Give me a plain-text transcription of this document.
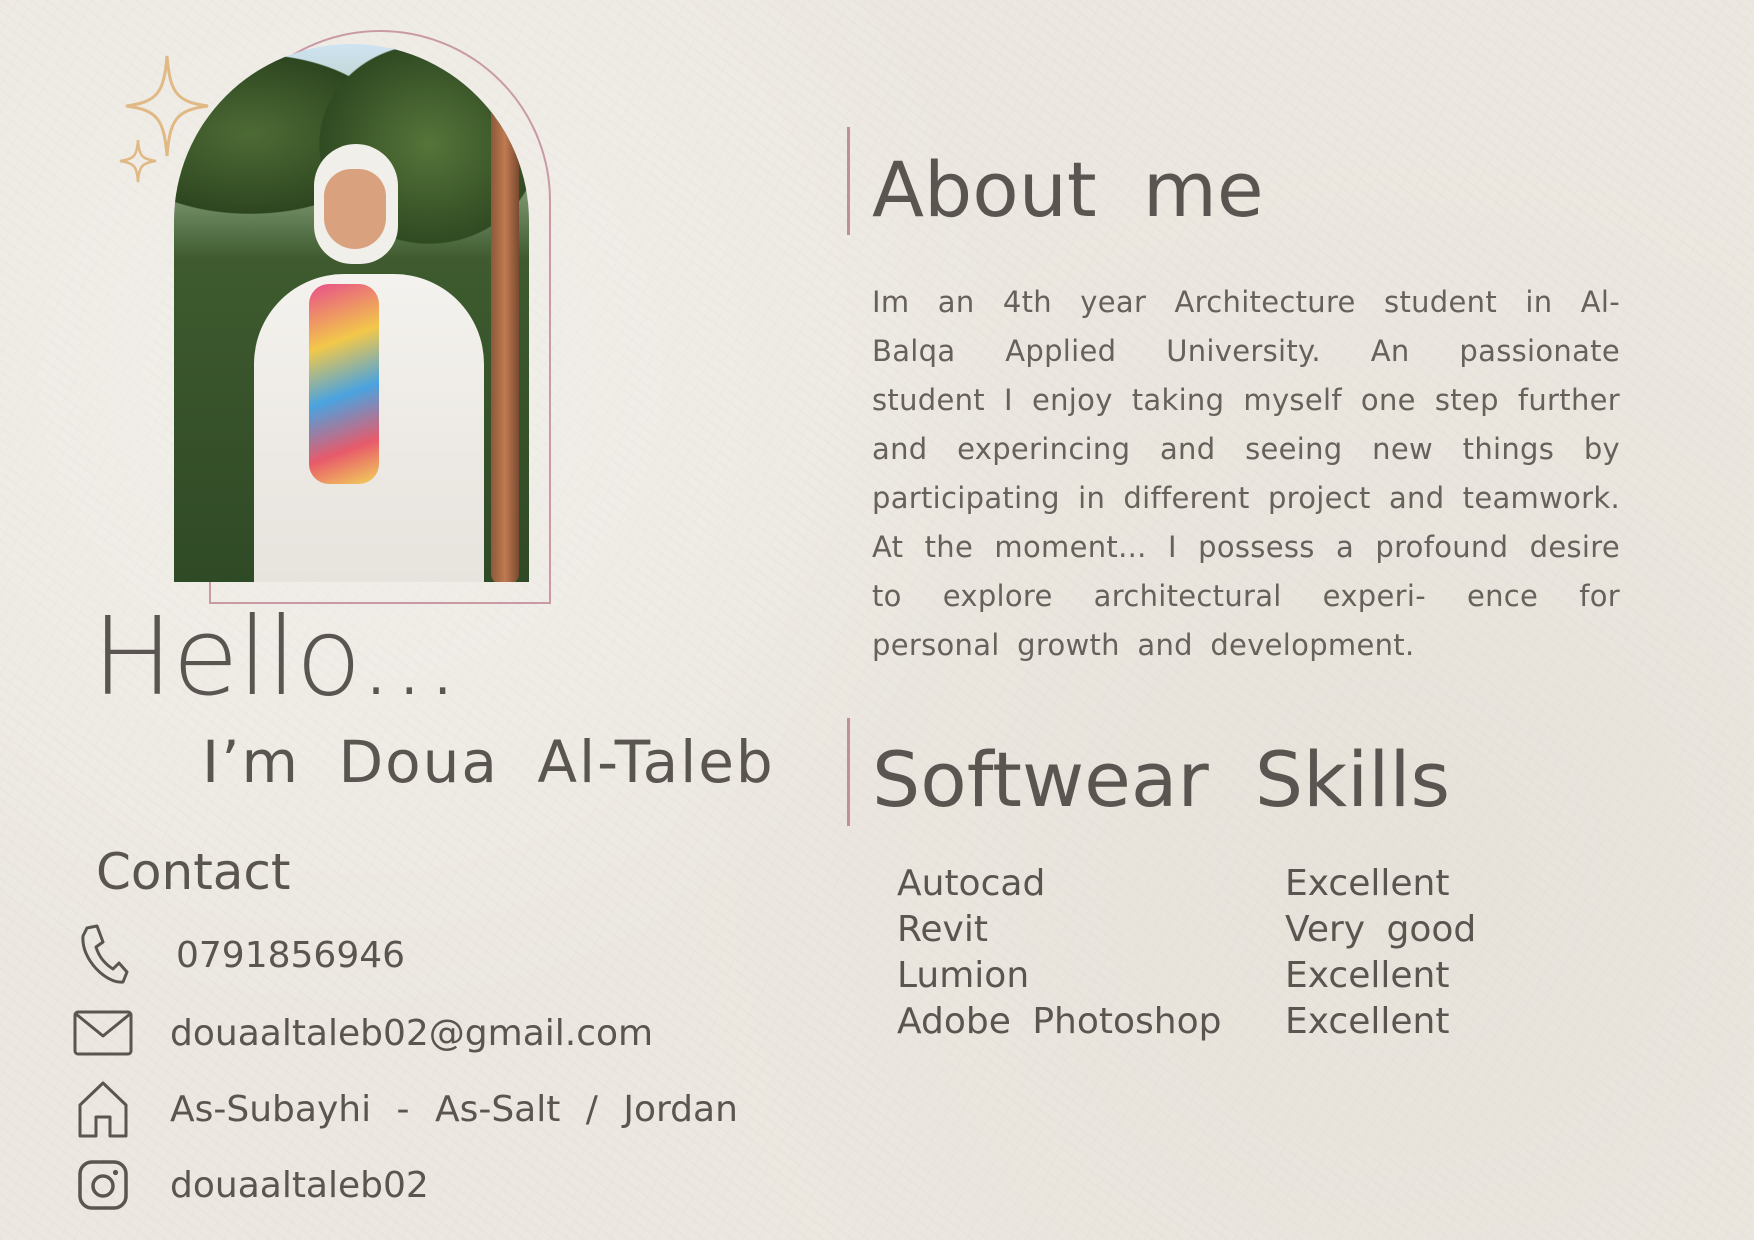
Hello...
I’m Doua Al-Taleb
Contact
0791856946
douaaltaleb02@gmail.com
As-Subayhi - As-Salt / Jordan
douaaltaleb02
About me
Im an 4th year Architecture student in Al-Balqa Applied University. An passionate student I enjoy taking myself one step further and experincing and seeing new things by participating in different project and teamwork. At the moment... I possess a profound desire to explore architectural experi- ence for personal growth and development.
Softwear Skills
Autocad	Excellent
Revit	Very good
Lumion	Excellent
Adobe Photoshop	Excellent
